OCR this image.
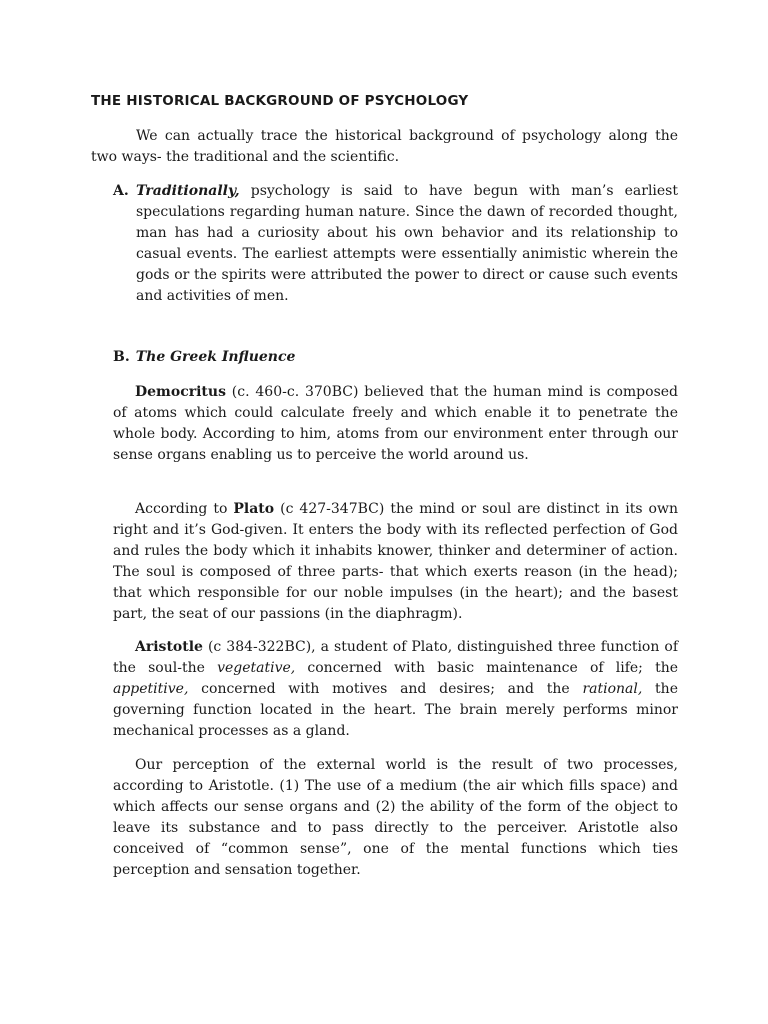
THE HISTORICAL BACKGROUND OF PSYCHOLOGY

We can actually trace the historical background of psychology along the two ways- the traditional and the scientific.

A. Traditionally, psychology is said to have begun with man’s earliest speculations regarding human nature. Since the dawn of recorded thought, man has had a curiosity about his own behavior and its relationship to casual events. The earliest attempts were essentially animistic wherein the gods or the spirits were attributed the power to direct or cause such events and activities of men.

B. The Greek Influence

Democritus (c. 460-c. 370BC) believed that the human mind is composed of atoms which could calculate freely and which enable it to penetrate the whole body. According to him, atoms from our environment enter through our sense organs enabling us to perceive the world around us.

According to Plato (c 427-347BC) the mind or soul are distinct in its own right and it’s God-given. It enters the body with its reflected perfection of God and rules the body which it inhabits knower, thinker and determiner of action. The soul is composed of three parts- that which exerts reason (in the head); that which responsible for our noble impulses (in the heart); and the basest part, the seat of our passions (in the diaphragm).

Aristotle (c 384-322BC), a student of Plato, distinguished three function of the soul-the vegetative, concerned with basic maintenance of life; the appetitive, concerned with motives and desires; and the rational, the governing function located in the heart. The brain merely performs minor mechanical processes as a gland.

Our perception of the external world is the result of two processes, according to Aristotle. (1) The use of a medium (the air which fills space) and which affects our sense organs and (2) the ability of the form of the object to leave its substance and to pass directly to the perceiver. Aristotle also conceived of “common sense”, one of the mental functions which ties perception and sensation together.
